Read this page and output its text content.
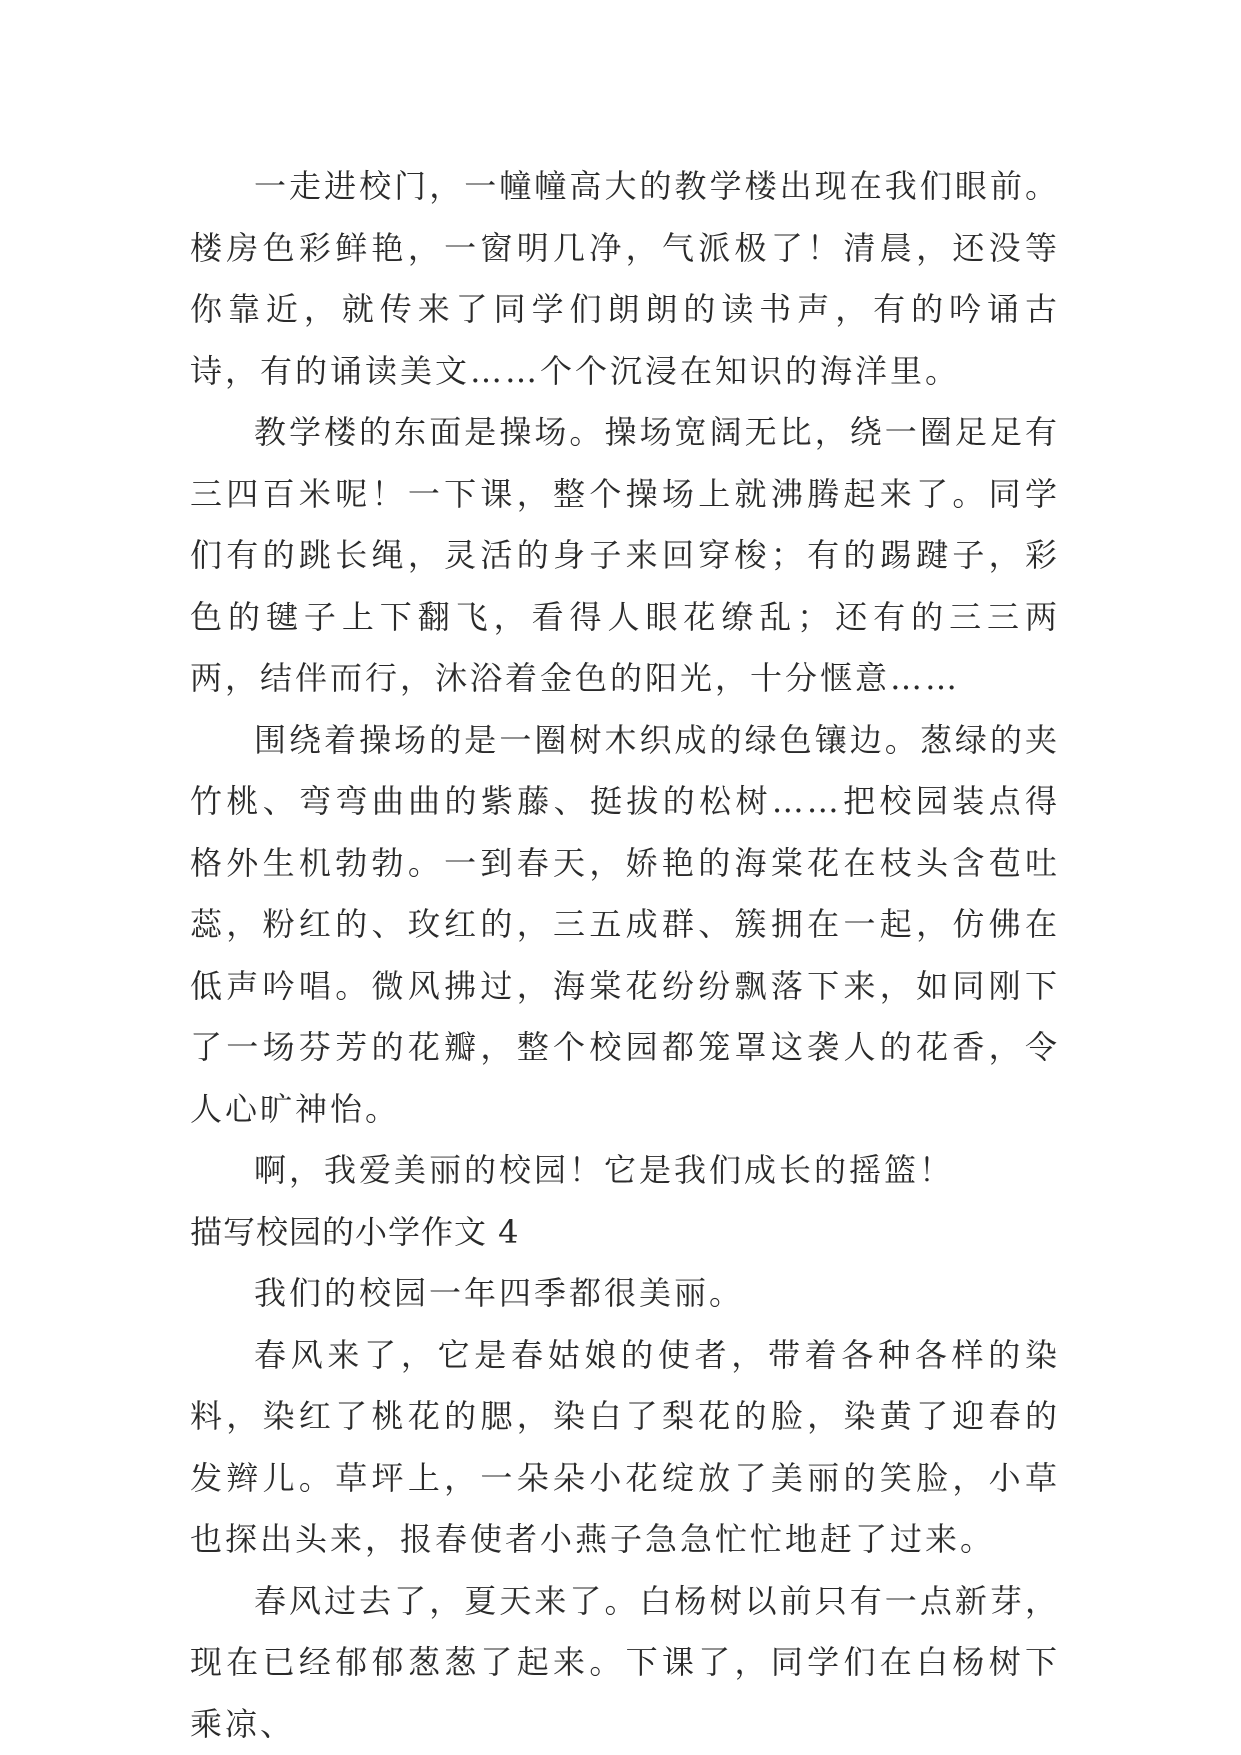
一走进校门，一幢幢高大的教学楼出现在我们眼前。楼房色彩鲜艳，一窗明几净，气派极了！清晨，还没等你靠近，就传来了同学们朗朗的读书声，有的吟诵古诗，有的诵读美文……个个沉浸在知识的海洋里。

教学楼的东面是操场。操场宽阔无比，绕一圈足足有三四百米呢！一下课，整个操场上就沸腾起来了。同学们有的跳长绳，灵活的身子来回穿梭；有的踢踺子，彩色的毽子上下翻飞，看得人眼花缭乱；还有的三三两两，结伴而行，沐浴着金色的阳光，十分惬意……

围绕着操场的是一圈树木织成的绿色镶边。葱绿的夹竹桃、弯弯曲曲的紫藤、挺拔的松树……把校园装点得格外生机勃勃。一到春天，娇艳的海棠花在枝头含苞吐蕊，粉红的、玫红的，三五成群、簇拥在一起，仿佛在低声吟唱。微风拂过，海棠花纷纷飘落下来，如同刚下了一场芬芳的花瓣，整个校园都笼罩这袭人的花香，令人心旷神怡。

啊，我爱美丽的校园！它是我们成长的摇篮！

描写校园的小学作文 4

我们的校园一年四季都很美丽。

春风来了，它是春姑娘的使者，带着各种各样的染料，染红了桃花的腮，染白了梨花的脸，染黄了迎春的发辫儿。草坪上，一朵朵小花绽放了美丽的笑脸，小草也探出头来，报春使者小燕子急急忙忙地赶了过来。

春风过去了，夏天来了。白杨树以前只有一点新芽，现在已经郁郁葱葱了起来。下课了，同学们在白杨树下乘凉、
